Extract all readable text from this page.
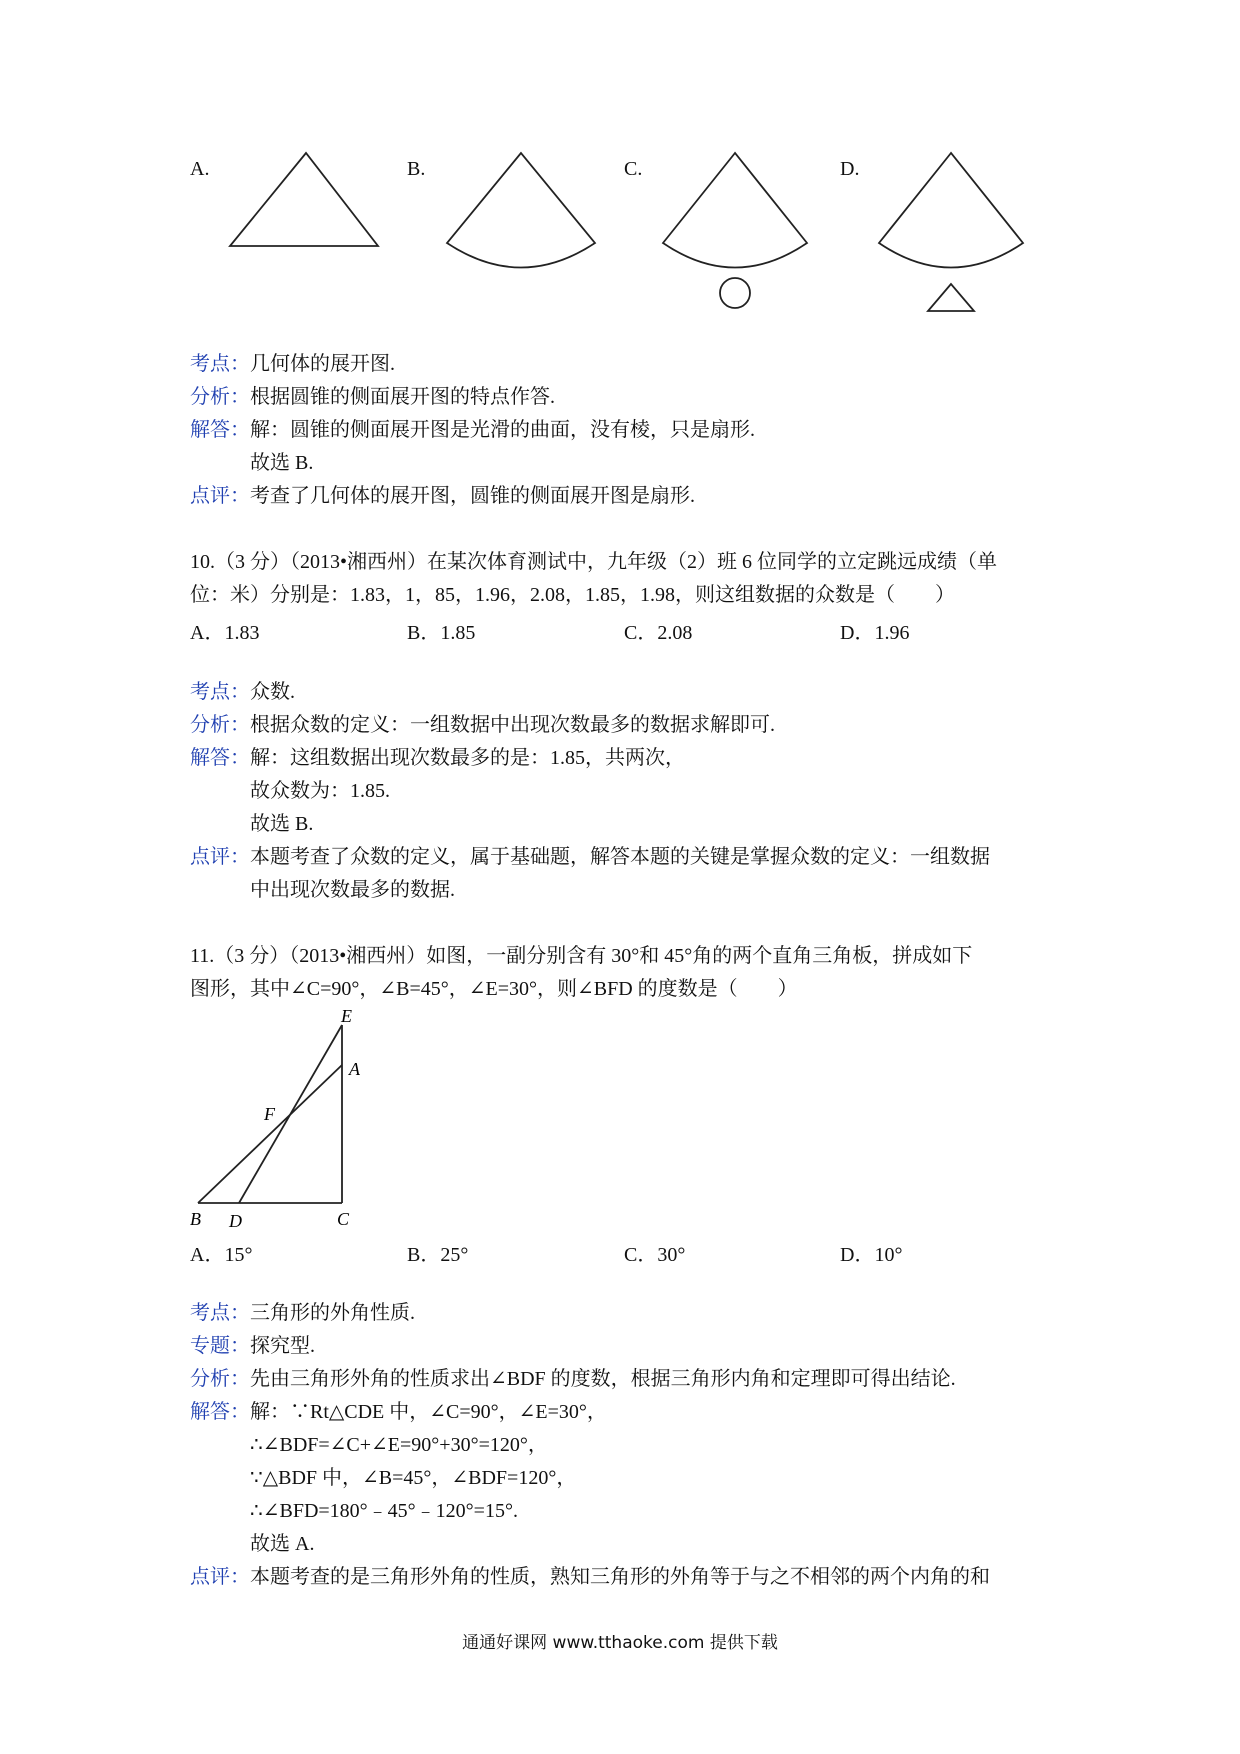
A.	B.	C.	D.
考点：几何体的展开图.
分析：根据圆锥的侧面展开图的特点作答.
解答：解：圆锥的侧面展开图是光滑的曲面，没有棱，只是扇形.
故选 B.
点评：考查了几何体的展开图，圆锥的侧面展开图是扇形.
10.（3 分）（2013•湘西州）在某次体育测试中，九年级（2）班 6 位同学的立定跳远成绩（单
位：米）分别是：1.83，1，85，1.96，2.08，1.85，1.98，则这组数据的众数是（　　）
A．1.83	B．1.85	C．2.08	D．1.96
考点：众数.
分析：根据众数的定义：一组数据中出现次数最多的数据求解即可.
解答：解：这组数据出现次数最多的是：1.85，共两次，
故众数为：1.85.
故选 B.
点评：本题考查了众数的定义，属于基础题，解答本题的关键是掌握众数的定义：一组数据
中出现次数最多的数据.
11.（3 分）（2013•湘西州）如图，一副分别含有 30°和 45°角的两个直角三角板，拼成如下
图形，其中∠C=90°，∠B=45°，∠E=30°，则∠BFD 的度数是（　　）
E
A
F
B D	C
A．15°	B．25°	C．30°	D．10°
考点：三角形的外角性质.
专题：探究型.
分析：先由三角形外角的性质求出∠BDF 的度数，根据三角形内角和定理即可得出结论.
解答：解：∵Rt△CDE 中，∠C=90°，∠E=30°，
∴∠BDF=∠C+∠E=90°+30°=120°，
∵△BDF 中，∠B=45°，∠BDF=120°，
∴∠BFD=180°﹣45°﹣120°=15°.
故选 A.
点评：本题考查的是三角形外角的性质，熟知三角形的外角等于与之不相邻的两个内角的和
通通好课网 www.tthaoke.com 提供下载
